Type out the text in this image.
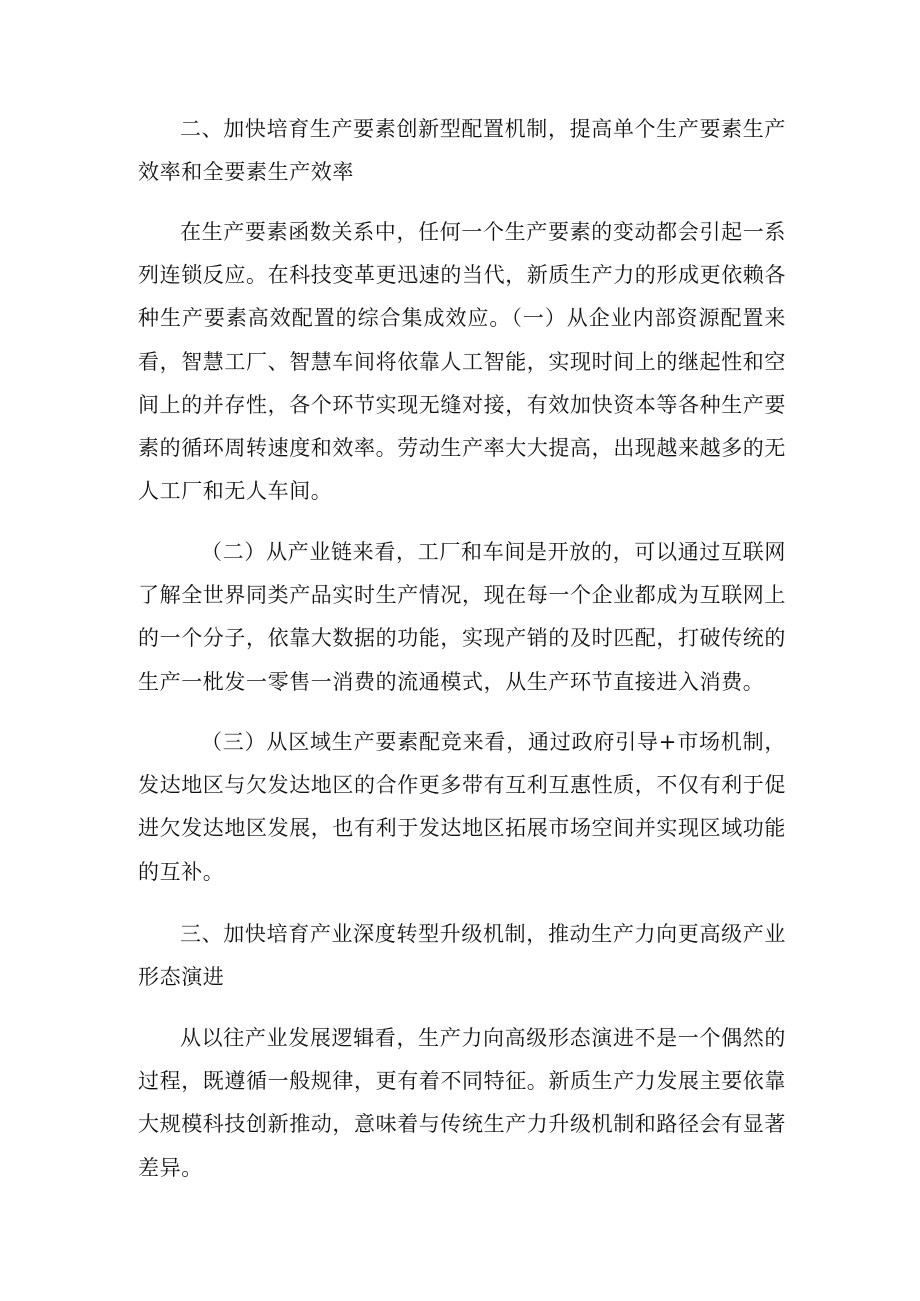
二、加快培育生产要素创新型配置机制，提高单个生产要素生产效率和全要素生产效率

在生产要素函数关系中，任何一个生产要素的变动都会引起一系列连锁反应。在科技变革更迅速的当代，新质生产力的形成更依赖各种生产要素高效配置的综合集成效应。（一）从企业内部资源配置来看，智慧工厂、智慧车间将依靠人工智能，实现时间上的继起性和空间上的并存性，各个环节实现无缝对接，有效加快资本等各种生产要素的循环周转速度和效率。劳动生产率大大提高，出现越来越多的无人工厂和无人车间。

（二）从产业链来看，工厂和车间是开放的，可以通过互联网了解全世界同类产品实时生产情况，现在每一个企业都成为互联网上的一个分子，依靠大数据的功能，实现产销的及时匹配，打破传统的生产一枇发一零售一消费的流通模式，从生产环节直接进入消费。

（三）从区域生产要素配竞来看，通过政府引导+市场机制，发达地区与欠发达地区的合作更多带有互利互惠性质，不仅有利于促进欠发达地区发展，也有利于发达地区拓展市场空间并实现区域功能的互补。

三、加快培育产业深度转型升级机制，推动生产力向更高级产业形态演进

从以往产业发展逻辑看，生产力向高级形态演进不是一个偶然的过程，既遵循一般规律，更有着不同特征。新质生产力发展主要依靠大规模科技创新推动，意味着与传统生产力升级机制和路径会有显著差异。
